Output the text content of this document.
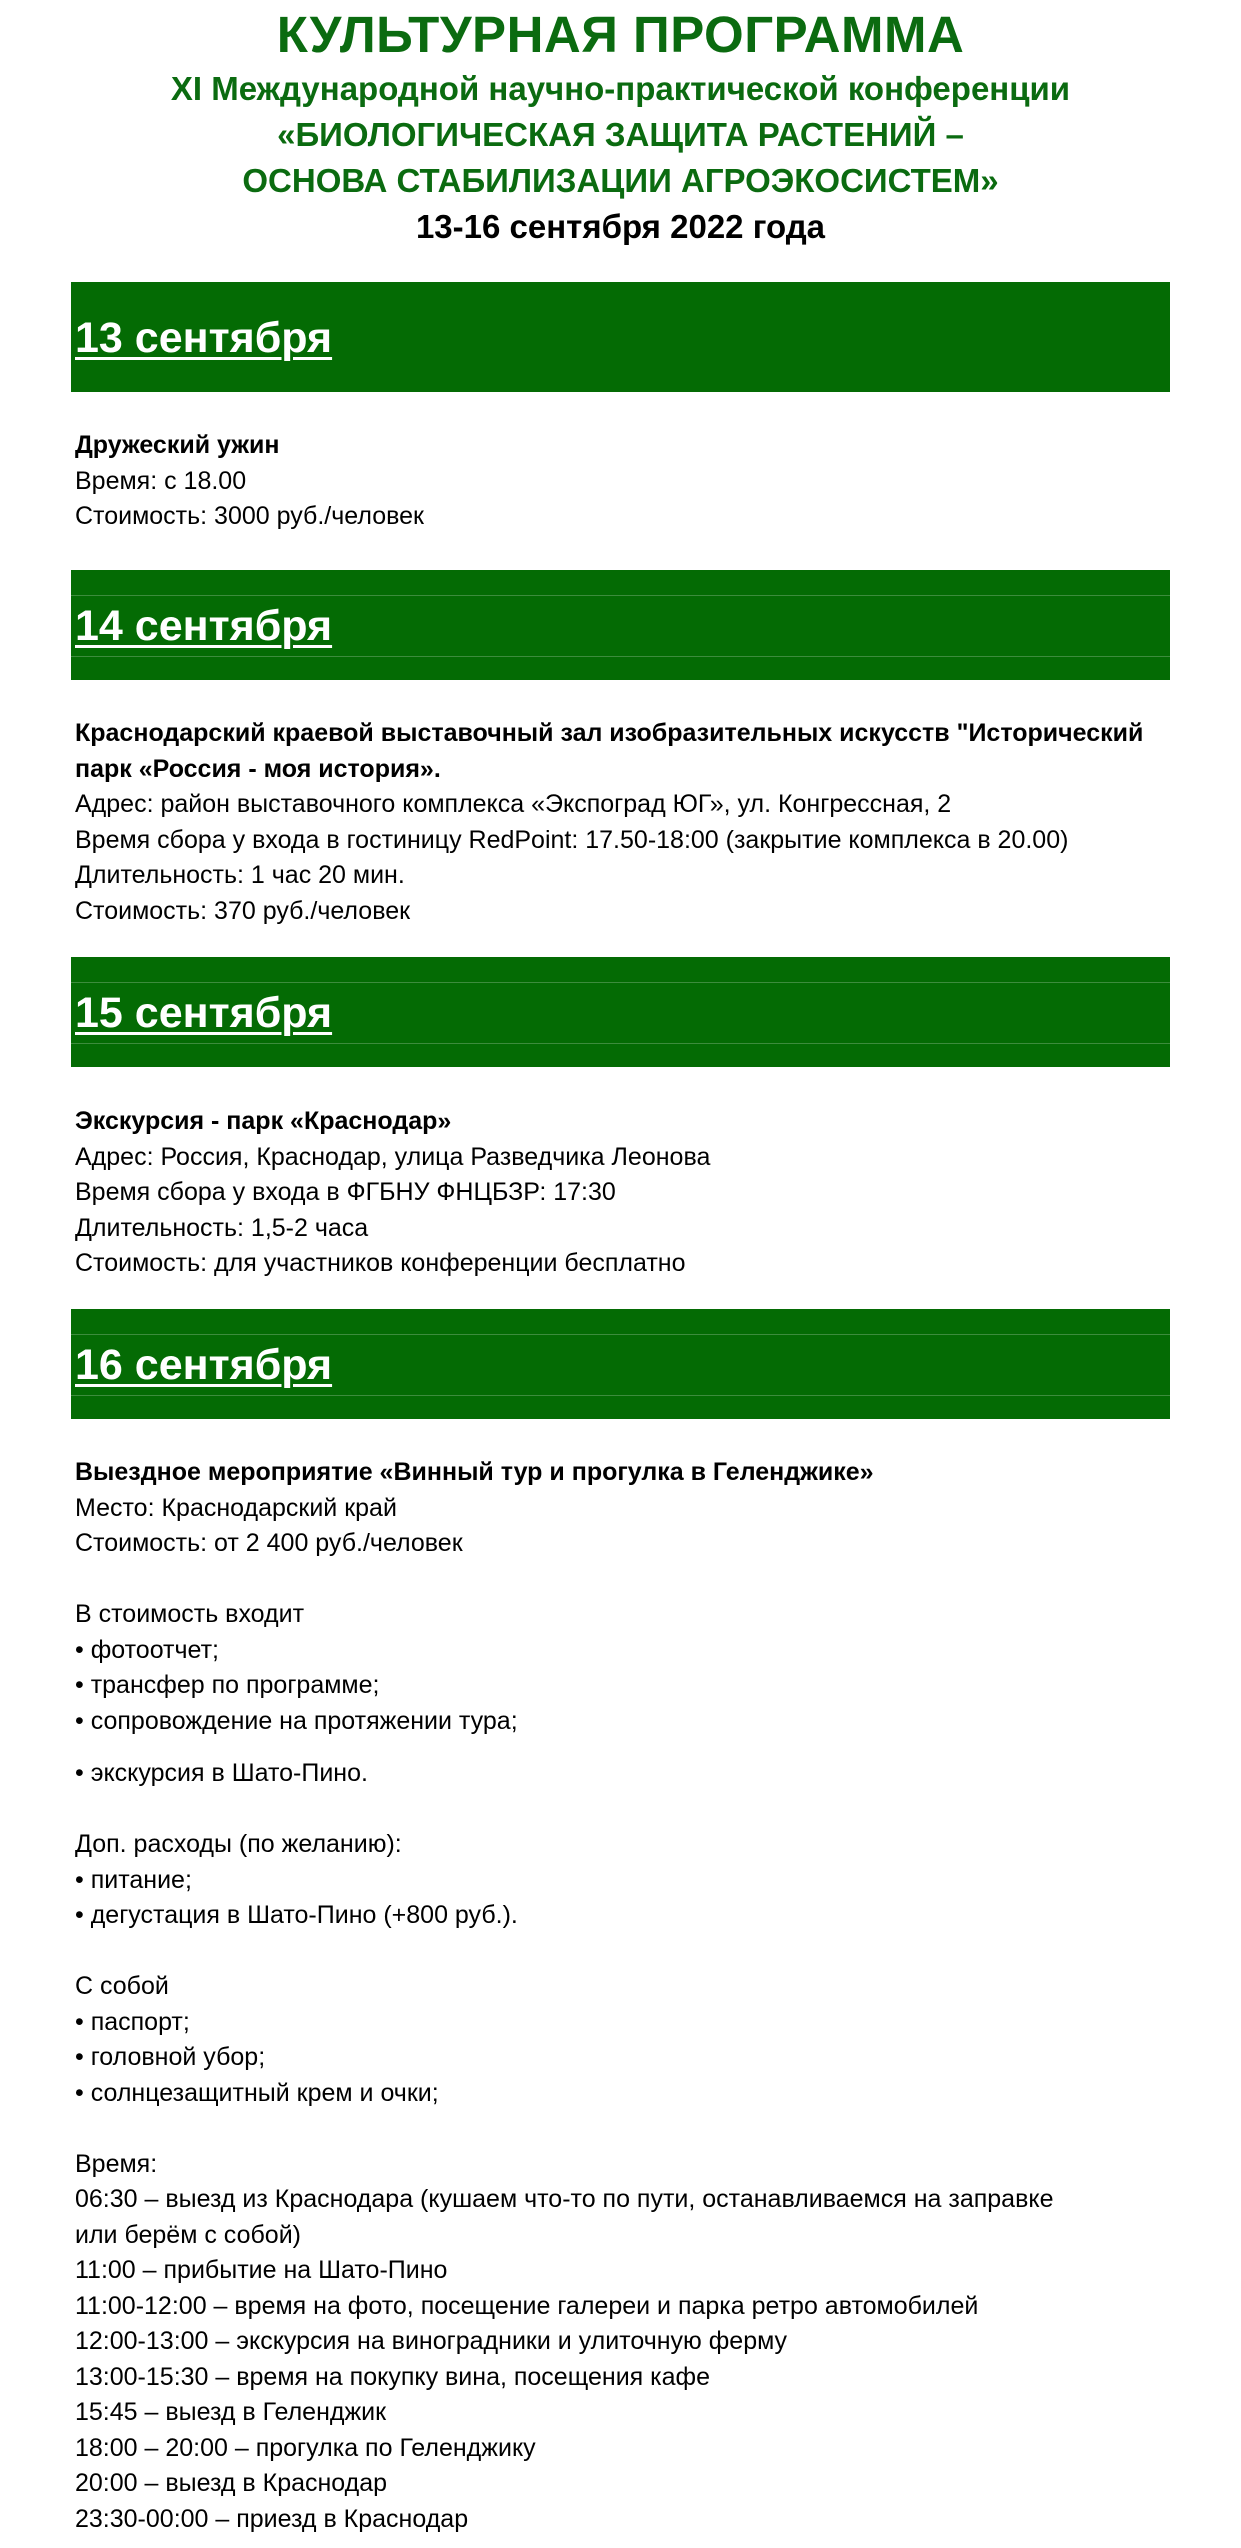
КУЛЬТУРНАЯ ПРОГРАММА

XI Международной научно-практической конференции

«БИОЛОГИЧЕСКАЯ ЗАЩИТА РАСТЕНИЙ –

ОСНОВА СТАБИЛИЗАЦИИ АГРОЭКОСИСТЕМ»

13-16 сентября 2022 года

13 сентября

Дружеский ужин

Время: с 18.00

Стоимость: 3000 руб./человек

14 сентября

Краснодарский краевой выставочный зал изобразительных искусств "Исторический

парк «Россия - моя история».

Адрес: район выставочного комплекса «Экспоград ЮГ», ул. Конгрессная, 2

Время сбора у входа в гостиницу RedPoint: 17.50-18:00 (закрытие комплекса в 20.00)

Длительность: 1 час 20 мин.

Стоимость: 370 руб./человек

15 сентября

Экскурсия - парк «Краснодар»

Адрес: Россия, Краснодар, улица Разведчика Леонова

Время сбора у входа в ФГБНУ ФНЦБЗР: 17:30

Длительность: 1,5-2 часа

Стоимость: для участников конференции бесплатно

16 сентября

Выездное мероприятие «Винный тур и прогулка в Геленджике»

Место: Краснодарский край

Стоимость: от 2 400 руб./человек

В стоимость входит

• фотоотчет;
• трансфер по программе;
• сопровождение на протяжении тура;
• экскурсия в Шато-Пино.

Доп. расходы (по желанию):

• питание;
• дегустация в Шато-Пино (+800 руб.).

С собой

• паспорт;
• головной убор;
• солнцезащитный крем и очки;

Время:

06:30 – выезд из Краснодара (кушаем что-то по пути, останавливаемся на заправке
или берём с собой)
11:00 – прибытие на Шато-Пино
11:00-12:00 – время на фото, посещение галереи и парка ретро автомобилей
12:00-13:00 – экскурсия на виноградники и улиточную ферму
13:00-15:30 – время на покупку вина, посещения кафе
15:45 – выезд в Геленджик
18:00 – 20:00 – прогулка по Геленджику
20:00 – выезд в Краснодар
23:30-00:00 – приезд в Краснодар
